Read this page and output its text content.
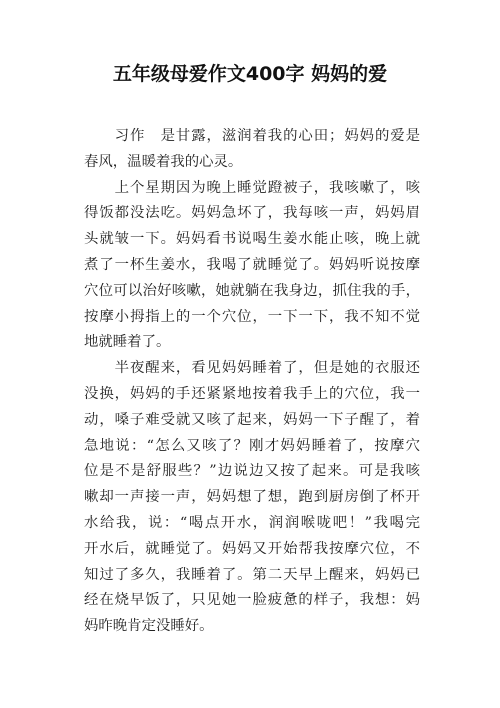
五年级母爱作文400字 妈妈的爱
　　习作　是甘露，滋润着我的心田；妈妈的爱是
春风，温暖着我的心灵。
　　上个星期因为晚上睡觉蹬被子，我咳嗽了，咳
得饭都没法吃。妈妈急坏了，我每咳一声，妈妈眉
头就皱一下。妈妈看书说喝生姜水能止咳，晚上就
煮了一杯生姜水，我喝了就睡觉了。妈妈听说按摩
穴位可以治好咳嗽，她就躺在我身边，抓住我的手，
按摩小拇指上的一个穴位，一下一下，我不知不觉
地就睡着了。
　　半夜醒来，看见妈妈睡着了，但是她的衣服还
没换，妈妈的手还紧紧地按着我手上的穴位，我一
动，嗓子难受就又咳了起来，妈妈一下子醒了，着
急地说：“怎么又咳了？刚才妈妈睡着了，按摩穴
位是不是舒服些？”边说边又按了起来。可是我咳
嗽却一声接一声，妈妈想了想，跑到厨房倒了杯开
水给我，说：“喝点开水，润润喉咙吧！”我喝完
开水后，就睡觉了。妈妈又开始帮我按摩穴位，不
知过了多久，我睡着了。第二天早上醒来，妈妈已
经在烧早饭了，只见她一脸疲惫的样子，我想：妈
妈昨晚肯定没睡好。
